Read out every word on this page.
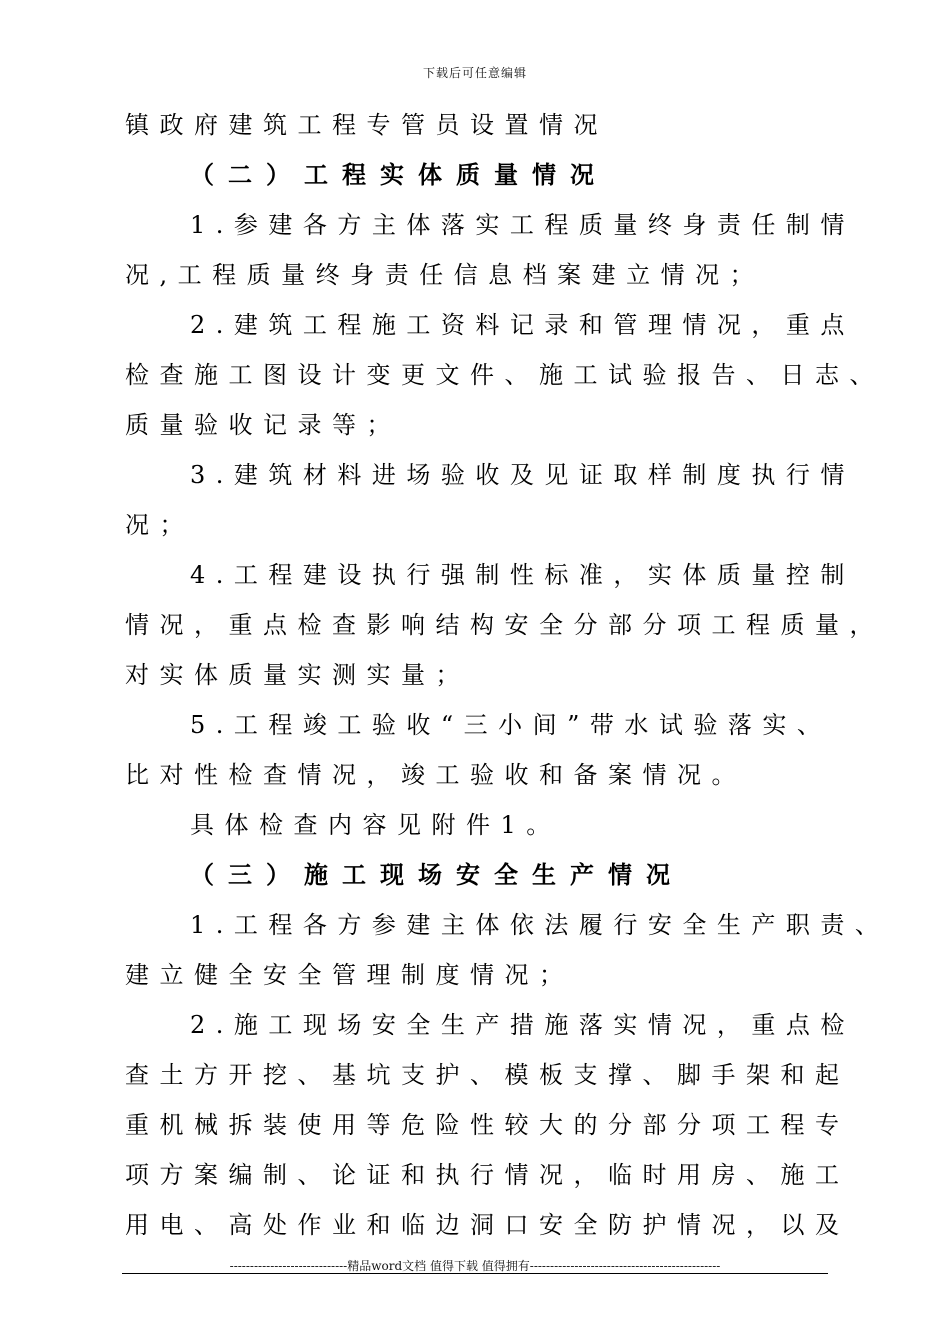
下载后可任意编辑
镇政府建筑工程专管员设置情况
（二）工程实体质量情况
1.参建各方主体落实工程质量终身责任制情
况,工程质量终身责任信息档案建立情况；
2.建筑工程施工资料记录和管理情况，重点
检查施工图设计变更文件、施工试验报告、日志、
质量验收记录等；
3.建筑材料进场验收及见证取样制度执行情
况；
4.工程建设执行强制性标准，实体质量控制
情况，重点检查影响结构安全分部分项工程质量，
对实体质量实测实量；
5.工程竣工验收“三小间”带水试验落实、
比对性检查情况，竣工验收和备案情况。
具体检查内容见附件1。
（三）施工现场安全生产情况
1.工程各方参建主体依法履行安全生产职责、
建立健全安全管理制度情况；
2.施工现场安全生产措施落实情况，重点检
查土方开挖、基坑支护、模板支撑、脚手架和起
重机械拆装使用等危险性较大的分部分项工程专
项方案编制、论证和执行情况，临时用房、施工
用电、高处作业和临边洞口安全防护情况，以及
-----------------------------精品word文档 值得下载 值得拥有-----------------------------------------------
